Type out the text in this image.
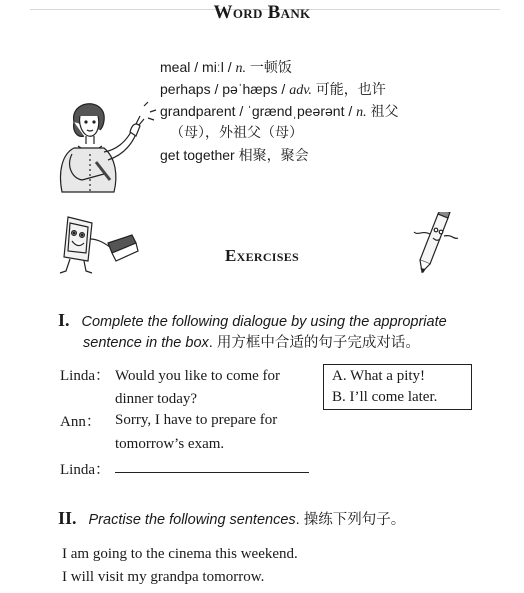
Word Bank
meal / miːl / n. 一顿饭
perhaps / pəˈhæps / adv. 可能，也许
grandparent / ˈɡrændˌpeərənt / n. 祖父
（母），外祖父（母）
get together 相聚，聚会
Exercises
I. Complete the following dialogue by using the appropriate
sentence in the box. 用方框中合适的句子完成对话。
Linda： Would you like to come for
dinner today?
Ann： Sorry, I have to prepare for
tomorrow’s exam.
Linda：
A. What a pity!
B. I’ll come later.
II. Practise the following sentences. 操练下列句子。
I am going to the cinema this weekend.
I will visit my grandpa tomorrow.
